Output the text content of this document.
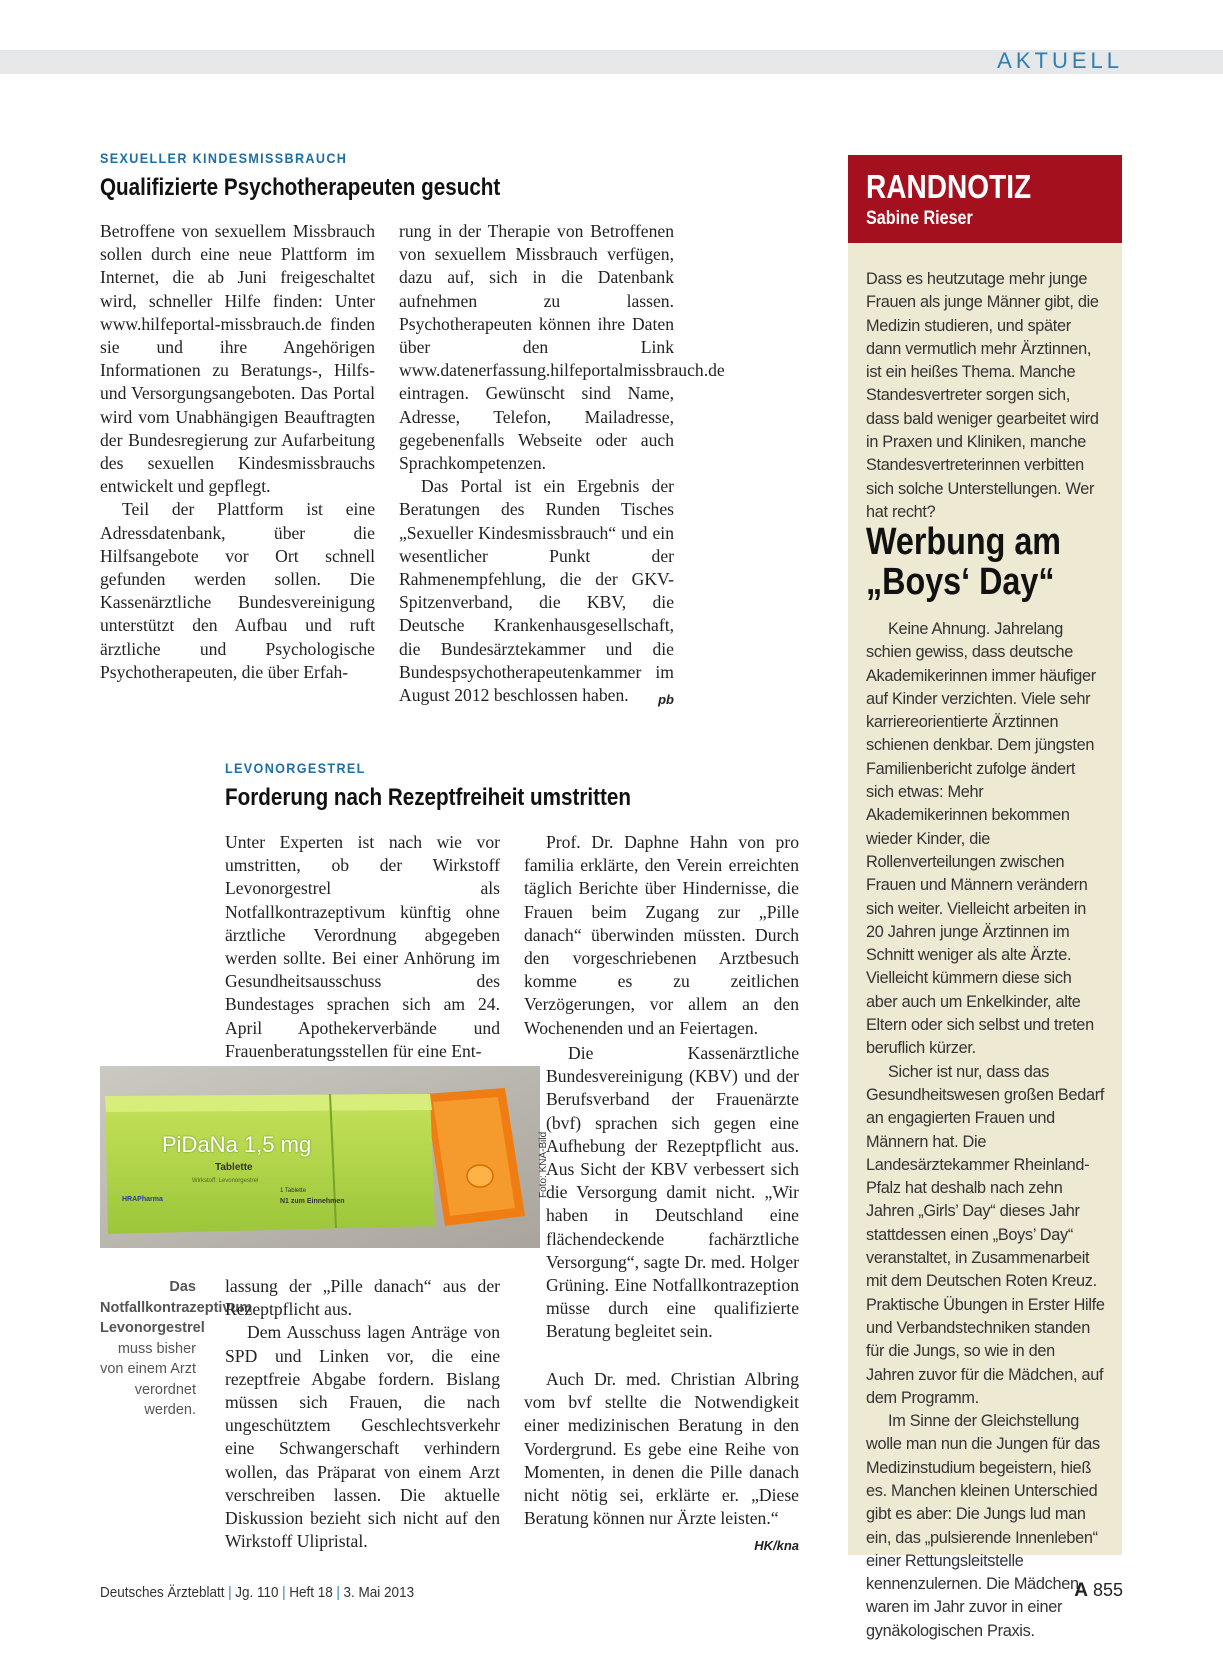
AKTUELL
SEXUELLER KINDESMISSBRAUCH
Qualifizierte Psychotherapeuten gesucht

Betroffene von sexuellem Missbrauch sollen durch eine neue Plattform im Internet, die ab Juni freigeschaltet wird, schneller Hilfe finden: Unter www.hilfeportal-missbrauch.de finden sie und ihre Angehörigen Informationen zu Beratungs-, Hilfs- und Versorgungsangeboten. Das Portal wird vom Unabhängigen Beauftragten der Bundesregierung zur Aufarbeitung des sexuellen Kindesmissbrauchs entwickelt und gepflegt.

Teil der Plattform ist eine Adressdatenbank, über die Hilfsangebote vor Ort schnell gefunden werden sollen. Die Kassenärztliche Bundesvereinigung unterstützt den Aufbau und ruft ärztliche und Psychologische Psychotherapeuten, die über Erfah-

rung in der Therapie von Betroffenen von sexuellem Missbrauch verfügen, dazu auf, sich in die Datenbank aufnehmen zu lassen. Psychotherapeuten können ihre Daten über den Link www.datenerfassung.hilfeportalmissbrauch.de eintragen. Gewünscht sind Name, Adresse, Telefon, Mailadresse, gegebenenfalls Webseite oder auch Sprachkompetenzen.

Das Portal ist ein Ergebnis der Beratungen des Runden Tisches „Sexueller Kindesmissbrauch“ und ein wesentlicher Punkt der Rahmenempfehlung, die der GKV-Spitzenverband, die KBV, die Deutsche Krankenhausgesellschaft, die Bundesärztekammer und die Bundespsychotherapeutenkammer im August 2012 beschlossen haben.	pb

LEVONORGESTREL
Forderung nach Rezeptfreiheit umstritten

Unter Experten ist nach wie vor umstritten, ob der Wirkstoff Levonorgestrel als Notfallkontrazeptivum künftig ohne ärztliche Verordnung abgegeben werden sollte. Bei einer Anhörung im Gesundheitsausschuss des Bundestages sprachen sich am 24. April Apothekerverbände und Frauenberatungsstellen für eine Ent-

PiDaNa 1,5 mg
Tablette
Wirkstoff: Levonorgestrel
HRAPharma
1 Tablette
N1 zum Einnehmen
Foto: KNA-Bild
Das Notfallkontrazeptivum Levonorgestrel muss bisher von einem Arzt verordnet werden.

lassung der „Pille danach“ aus der Rezeptpflicht aus.

Dem Ausschuss lagen Anträge von SPD und Linken vor, die eine rezeptfreie Abgabe fordern. Bislang müssen sich Frauen, die nach ungeschütztem Geschlechtsverkehr eine Schwangerschaft verhindern wollen, das Präparat von einem Arzt verschreiben lassen. Die aktuelle Diskussion bezieht sich nicht auf den Wirkstoff Ulipristal.

Prof. Dr. Daphne Hahn von pro familia erklärte, den Verein erreichten täglich Berichte über Hindernisse, die Frauen beim Zugang zur „Pille danach“ überwinden müssten. Durch den vorgeschriebenen Arztbesuch komme es zu zeitlichen Verzögerungen, vor allem an den Wochenenden und an Feiertagen.

Die Kassenärztliche Bundesvereinigung (KBV) und der Berufsverband der Frauenärzte (bvf) sprachen sich gegen eine Aufhebung der Rezeptpflicht aus. Aus Sicht der KBV verbessert sich die Versorgung damit nicht. „Wir haben in Deutschland eine flächendeckende fachärztliche Versorgung“, sagte Dr. med. Holger Grüning. Eine Notfallkontrazeption müsse durch eine qualifizierte Beratung begleitet sein.

Auch Dr. med. Christian Albring vom bvf stellte die Notwendigkeit einer medizinischen Beratung in den Vordergrund. Es gebe eine Reihe von Momenten, in denen die Pille danach nicht nötig sei, erklärte er. „Diese Beratung können nur Ärzte leisten.“
HK/kna

RANDNOTIZ
Sabine Rieser

Dass es heutzutage mehr junge Frauen als junge Männer gibt, die Medizin studieren, und später dann vermutlich mehr Ärztinnen, ist ein heißes Thema. Manche Standesvertreter sorgen sich, dass bald weniger gearbeitet wird in Praxen und Kliniken, manche Standesvertreterinnen verbitten sich solche Unterstellungen. Wer hat recht?

Werbung am
„Boys‘ Day“

Keine Ahnung. Jahrelang schien gewiss, dass deutsche Akademikerinnen immer häufiger auf Kinder verzichten. Viele sehr karriereorientierte Ärztinnen schienen denkbar. Dem jüngsten Familienbericht zufolge ändert sich etwas: Mehr Akademikerinnen bekommen wieder Kinder, die Rollenverteilungen zwischen Frauen und Männern verändern sich weiter. Vielleicht arbeiten in 20 Jahren junge Ärztinnen im Schnitt weniger als alte Ärzte. Vielleicht kümmern diese sich aber auch um Enkelkinder, alte Eltern oder sich selbst und treten beruflich kürzer.

Sicher ist nur, dass das Gesundheitswesen großen Bedarf an engagierten Frauen und Männern hat. Die Landesärztekammer Rheinland-Pfalz hat deshalb nach zehn Jahren „Girls’ Day“ dieses Jahr stattdessen einen „Boys’ Day“ veranstaltet, in Zusammenarbeit mit dem Deutschen Roten Kreuz. Praktische Übungen in Erster Hilfe und Verbandstechniken standen für die Jungs, so wie in den Jahren zuvor für die Mädchen, auf dem Programm.

Im Sinne der Gleichstellung wolle man nun die Jungen für das Medizinstudium begeistern, hieß es. Manchen kleinen Unterschied gibt es aber: Die Jungs lud man ein, das „pulsierende Innenleben“ einer Rettungsleitstelle kennenzulernen. Die Mädchen waren im Jahr zuvor in einer gynäkologischen Praxis.

Deutsches Ärzteblatt | Jg. 110 | Heft 18 | 3. Mai 2013	A 855
